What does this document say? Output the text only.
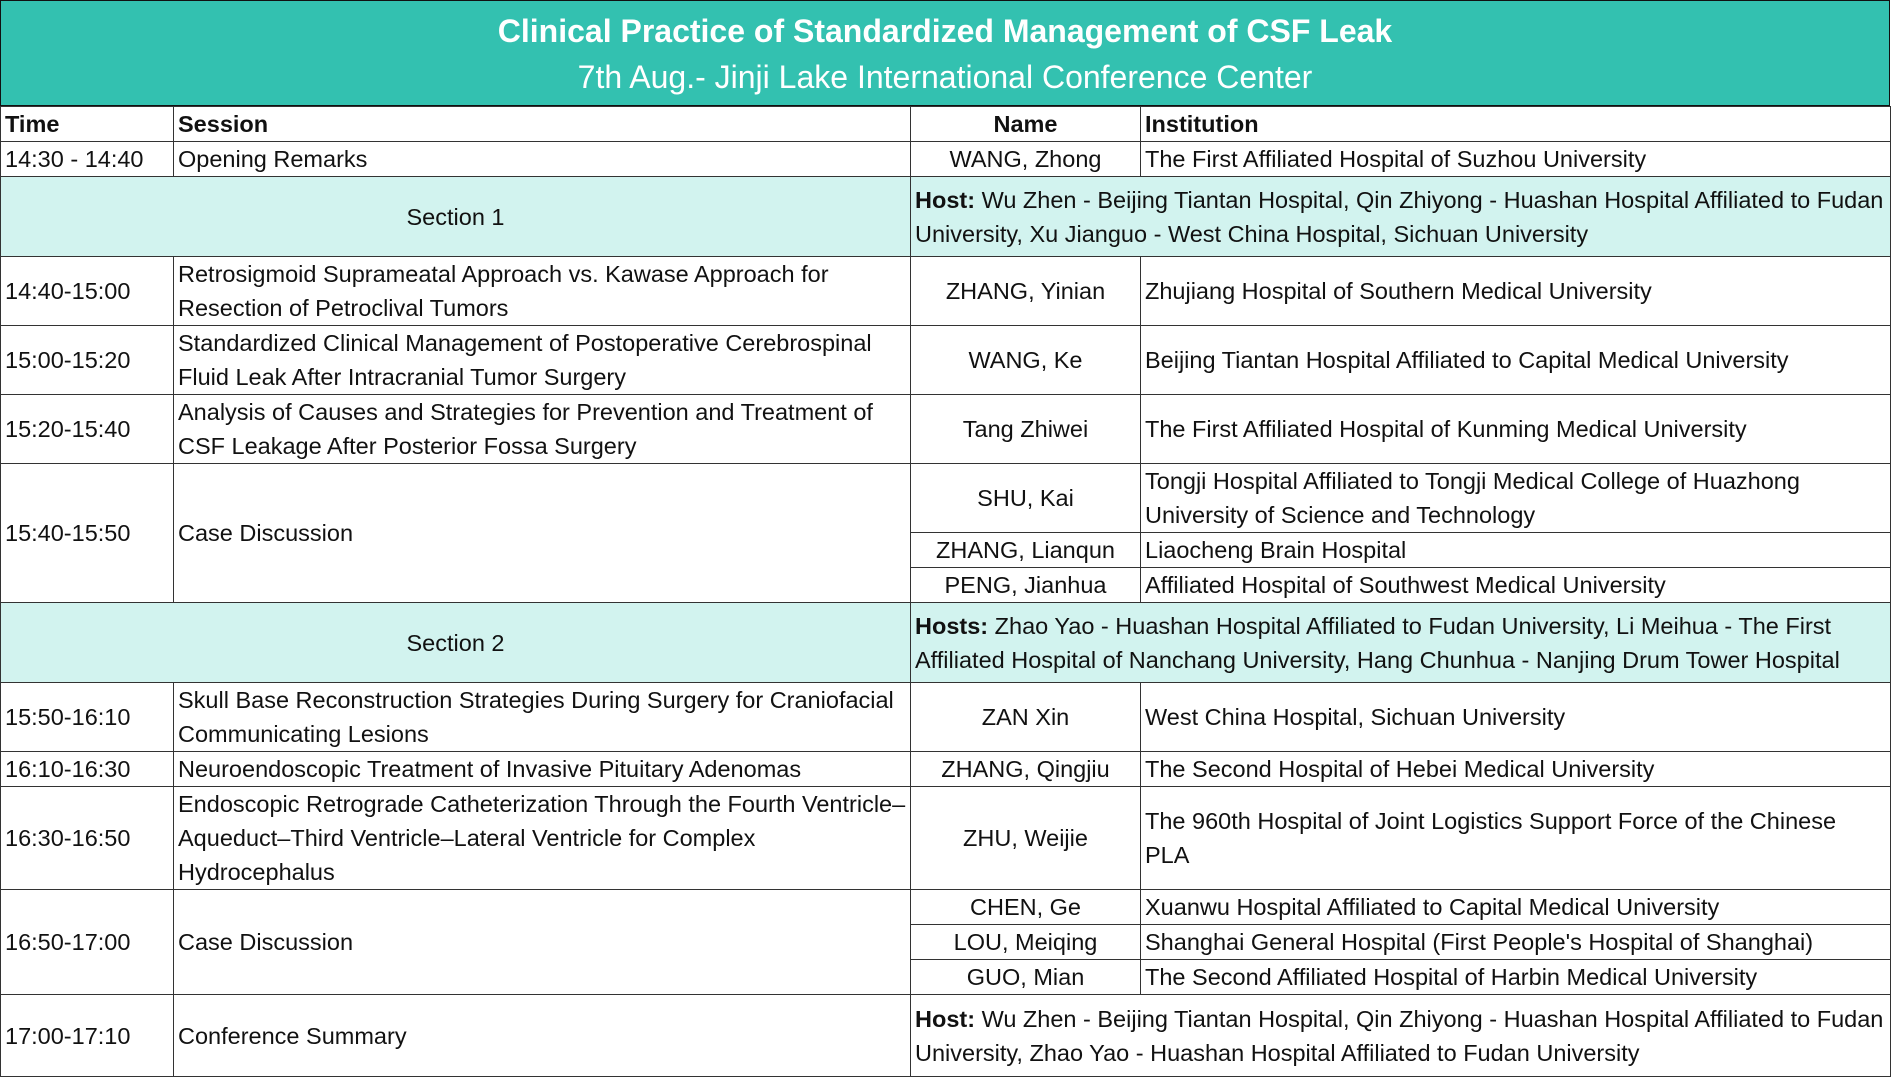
Clinical Practice of Standardized Management of CSF Leak
7th Aug.- Jinji Lake International Conference Center
Time	Session	Name	Institution
14:30 - 14:40	Opening Remarks	WANG, Zhong	The First Affiliated Hospital of Suzhou University
Section 1		Host: Wu Zhen - Beijing Tiantan Hospital, Qin Zhiyong - Huashan Hospital Affiliated to Fudan University, Xu Jianguo - West China Hospital, Sichuan University	
14:40-15:00	Retrosigmoid Suprameatal Approach vs. Kawase Approach for Resection of Petroclival Tumors	ZHANG, Yinian	Zhujiang Hospital of Southern Medical University
15:00-15:20	Standardized Clinical Management of Postoperative Cerebrospinal Fluid Leak After Intracranial Tumor Surgery	WANG, Ke	Beijing Tiantan Hospital Affiliated to Capital Medical University
15:20-15:40	Analysis of Causes and Strategies for Prevention and Treatment of CSF Leakage After Posterior Fossa Surgery	Tang Zhiwei	The First Affiliated Hospital of Kunming Medical University
15:40-15:50	Case Discussion	SHU, Kai	Tongji Hospital Affiliated to Tongji Medical College of Huazhong University of Science and Technology
		ZHANG, Lianqun	Liaocheng Brain Hospital
		PENG, Jianhua	Affiliated Hospital of Southwest Medical University
Section 2		Hosts: Zhao Yao - Huashan Hospital Affiliated to Fudan University, Li Meihua - The First Affiliated Hospital of Nanchang University, Hang Chunhua - Nanjing Drum Tower Hospital	
15:50-16:10	Skull Base Reconstruction Strategies During Surgery for Craniofacial Communicating Lesions	ZAN Xin	West China Hospital, Sichuan University
16:10-16:30	Neuroendoscopic Treatment of Invasive Pituitary Adenomas	ZHANG, Qingjiu	The Second Hospital of Hebei Medical University
16:30-16:50	Endoscopic Retrograde Catheterization Through the Fourth Ventricle–Aqueduct–Third Ventricle–Lateral Ventricle for Complex Hydrocephalus	ZHU, Weijie	The 960th Hospital of Joint Logistics Support Force of the Chinese PLA
16:50-17:00	Case Discussion	CHEN, Ge	Xuanwu Hospital Affiliated to Capital Medical University
		LOU, Meiqing	Shanghai General Hospital (First People's Hospital of Shanghai)
		GUO, Mian	The Second Affiliated Hospital of Harbin Medical University
17:00-17:10	Conference Summary	Host: Wu Zhen - Beijing Tiantan Hospital, Qin Zhiyong - Huashan Hospital Affiliated to Fudan University, Zhao Yao - Huashan Hospital Affiliated to Fudan University	
